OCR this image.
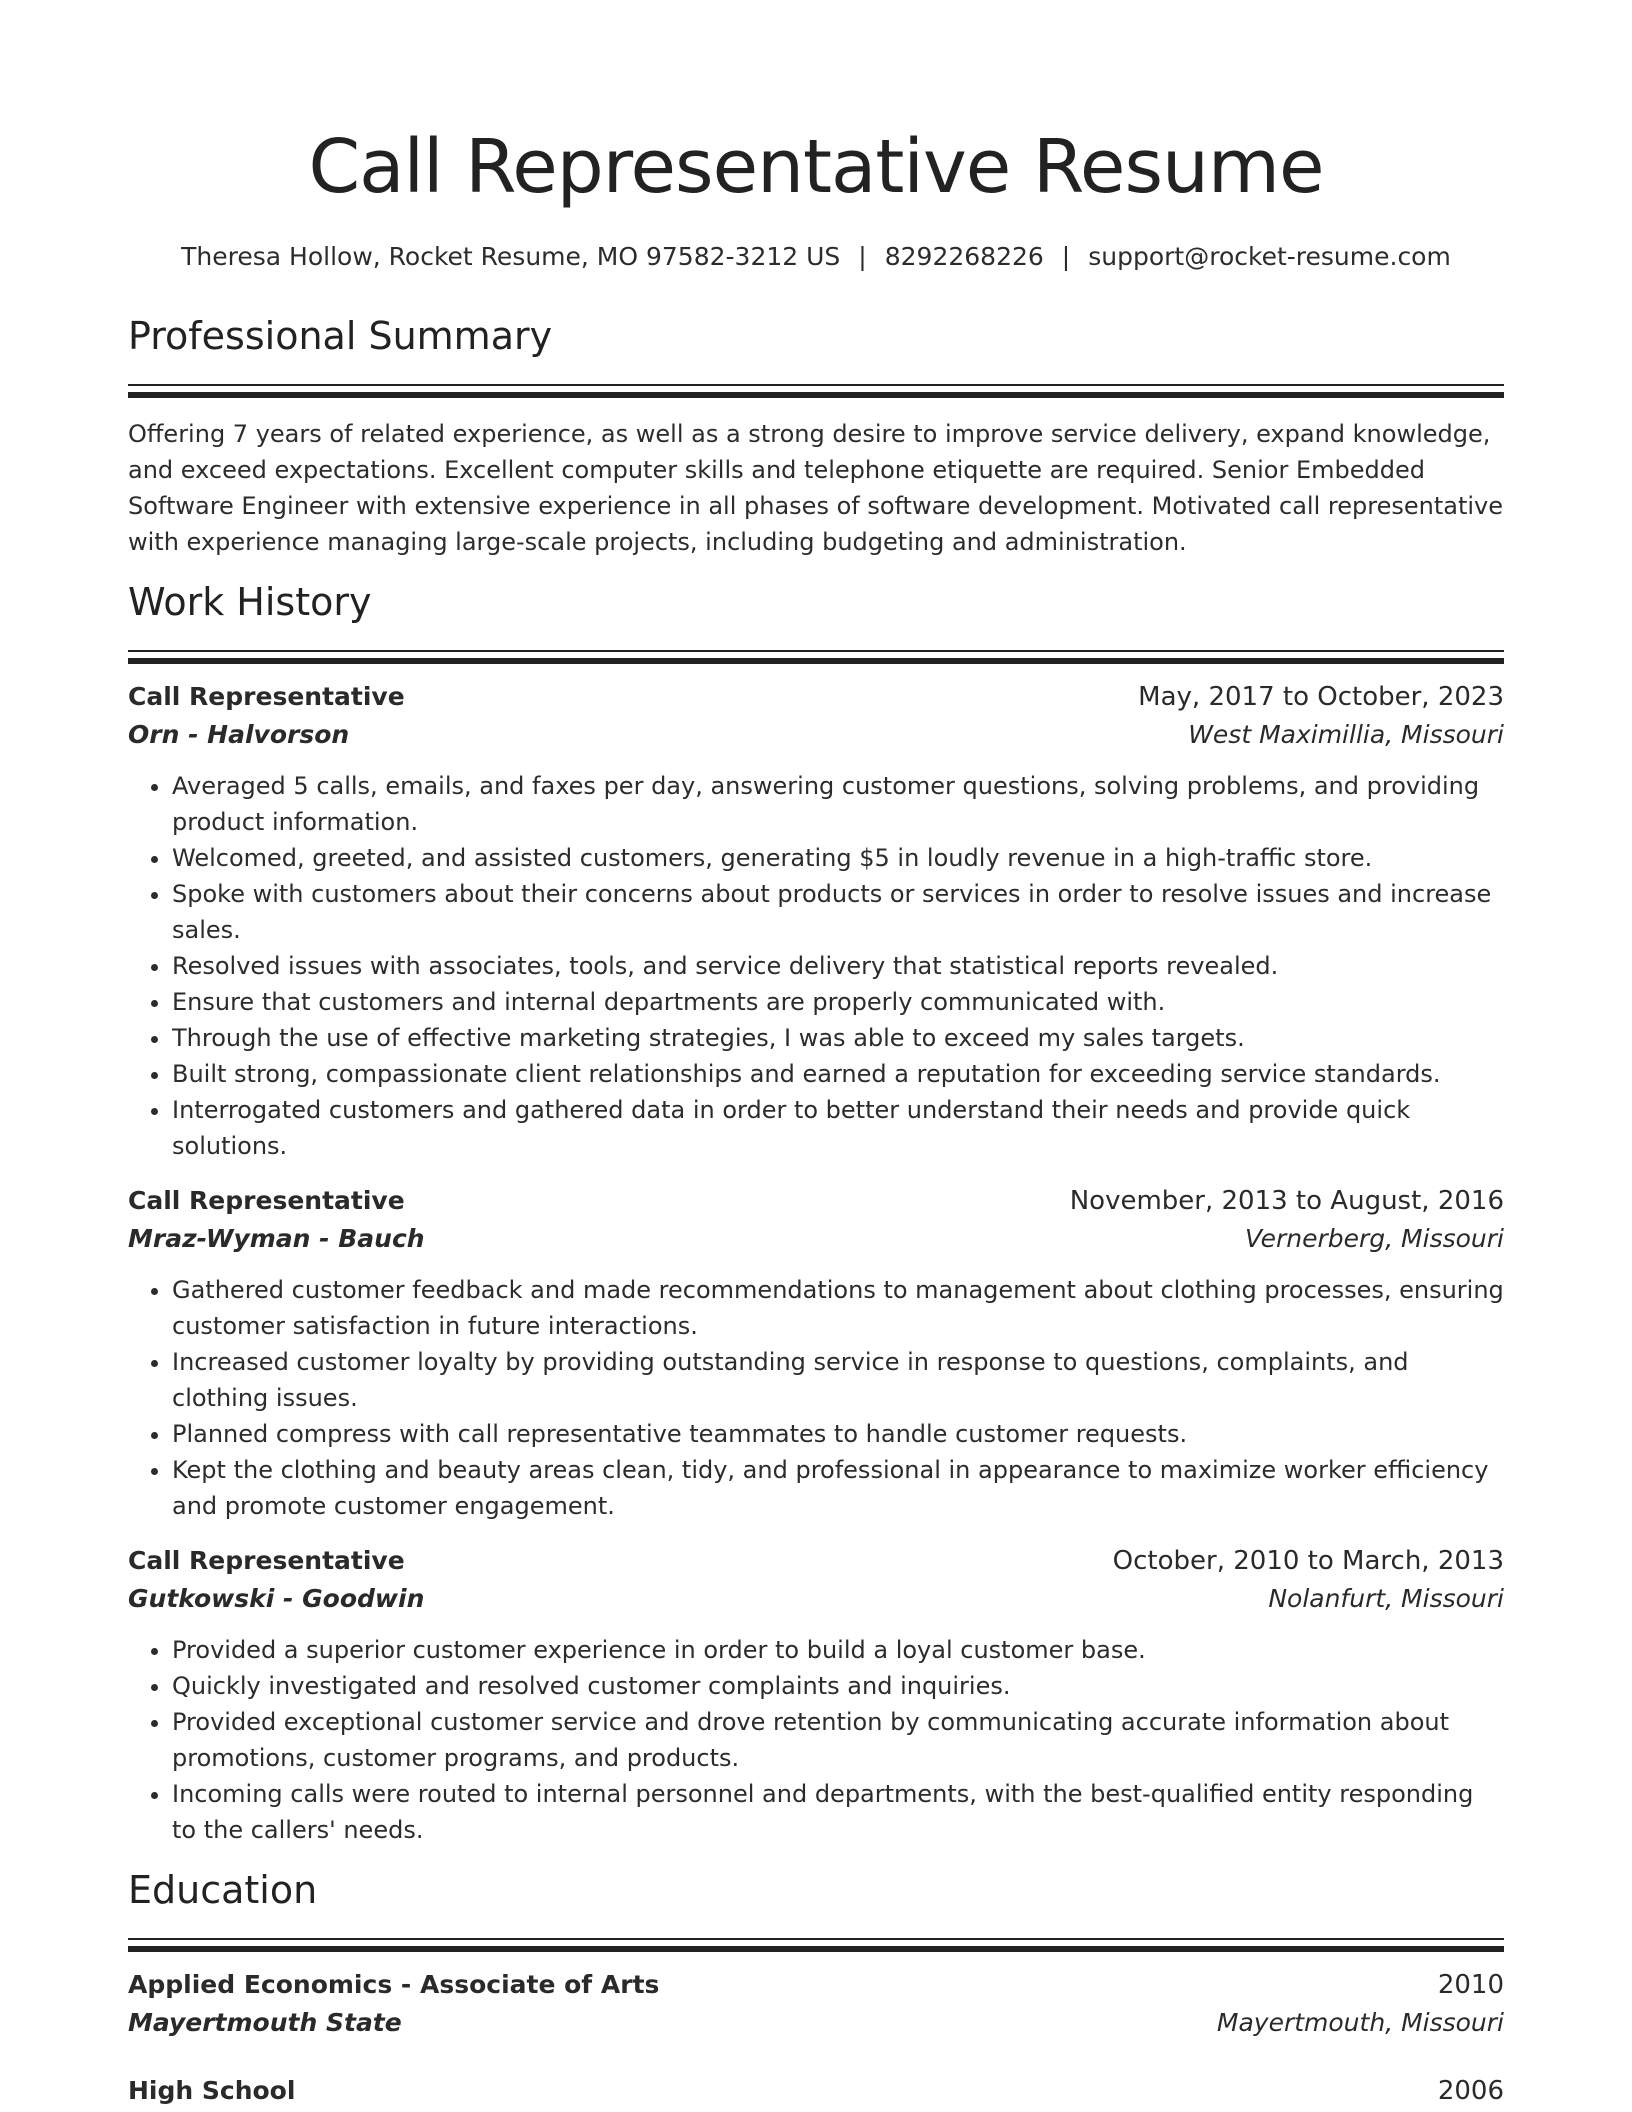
Call Representative Resume
Theresa Hollow, Rocket Resume, MO 97582-3212 US | 8292268226 | support@rocket-resume.com
Professional Summary

Offering 7 years of related experience, as well as a strong desire to improve service delivery, expand knowledge, and exceed expectations. Excellent computer skills and telephone etiquette are required. Senior Embedded Software Engineer with extensive experience in all phases of software development. Motivated call representative with experience managing large-scale projects, including budgeting and administration.

Work History
Call Representative	May, 2017 to October, 2023
Orn - Halvorson	West Maximillia, Missouri
• Averaged 5 calls, emails, and faxes per day, answering customer questions, solving problems, and providing product information.
• Welcomed, greeted, and assisted customers, generating $5 in loudly revenue in a high-traffic store.
• Spoke with customers about their concerns about products or services in order to resolve issues and increase sales.
• Resolved issues with associates, tools, and service delivery that statistical reports revealed.
• Ensure that customers and internal departments are properly communicated with.
• Through the use of effective marketing strategies, I was able to exceed my sales targets.
• Built strong, compassionate client relationships and earned a reputation for exceeding service standards.
• Interrogated customers and gathered data in order to better understand their needs and provide quick solutions.
Call Representative	November, 2013 to August, 2016
Mraz-Wyman - Bauch	Vernerberg, Missouri
• Gathered customer feedback and made recommendations to management about clothing processes, ensuring customer satisfaction in future interactions.
• Increased customer loyalty by providing outstanding service in response to questions, complaints, and clothing issues.
• Planned compress with call representative teammates to handle customer requests.
• Kept the clothing and beauty areas clean, tidy, and professional in appearance to maximize worker efficiency and promote customer engagement.
Call Representative	October, 2010 to March, 2013
Gutkowski - Goodwin	Nolanfurt, Missouri
• Provided a superior customer experience in order to build a loyal customer base.
• Quickly investigated and resolved customer complaints and inquiries.
• Provided exceptional customer service and drove retention by communicating accurate information about promotions, customer programs, and products.
• Incoming calls were routed to internal personnel and departments, with the best-qualified entity responding to the callers' needs.
Education
Applied Economics - Associate of Arts	2010
Mayertmouth State	Mayertmouth, Missouri
High School	2006
